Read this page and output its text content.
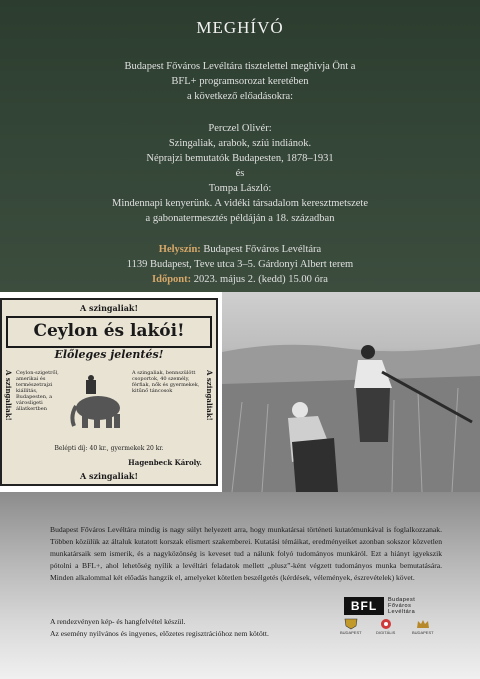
MEGHÍVÓ
Budapest Főváros Levéltára tisztelettel meghívja Önt a
BFL+ programsorozat keretében
a következő előadásokra:
Perczel Olivér:
Szingaliak, arabok, szíú indiánok.
Néprajzi bemutatók Budapesten, 1878–1931
és
Tompa László:
Mindennapi kenyerünk. A vidéki társadalom keresztmetszete
a gabonatermesztés példáján a 18. században
Helyszín: Budapest Főváros Levéltára
1139 Budapest, Teve utca 3–5. Gárdonyi Albert terem
Időpont: 2023. május 2. (kedd) 15.00 óra
A szingaliak!
Ceylon és lakói!
Előleges jelentés!
A szingaliak!	A szingaliak!
Ceylon-szigetről, amerikai és természetrajzi kiállítás, Budapesten, a városligeti állatkertben
A szingaliak, bennszülött csoportok, 40 személy, férfiak, nők és gyermekek, kitűnő táncosok
Belépti díj: 40 kr., gyermekek 20 kr.
Hagenbeck Károly.
A szingaliak!
Budapest Főváros Levéltára mindig is nagy súlyt helyezett arra, hogy munkatársai történeti kutatómunkával is foglalkozzanak. Többen közülük az általuk kutatott korszak elismert szakemberei. Kutatási témáikat, eredményeiket azonban sokszor közvetlen munkatársaik sem ismerik, és a nagyközönség is keveset tud a nálunk folyó tudományos munkáról. Ezt a hiányt igyekszik pótolni a BFL+, ahol lehetőség nyílik a levéltári feladatok mellett „plusz”-ként végzett tudományos munka bemutatására. Minden alkalommal két előadás hangzik el, amelyeket kötetlen beszélgetés (kérdések, vélemények, észrevételek) követ.
A rendezvényen kép- és hangfelvétel készül.
Az esemény nyilvános és ingyenes, előzetes regisztrációhoz nem kötött.
BFL	Budapest
Főváros
Levéltára
BUDAPEST	DIGITÁLIS	BUDAPEST
